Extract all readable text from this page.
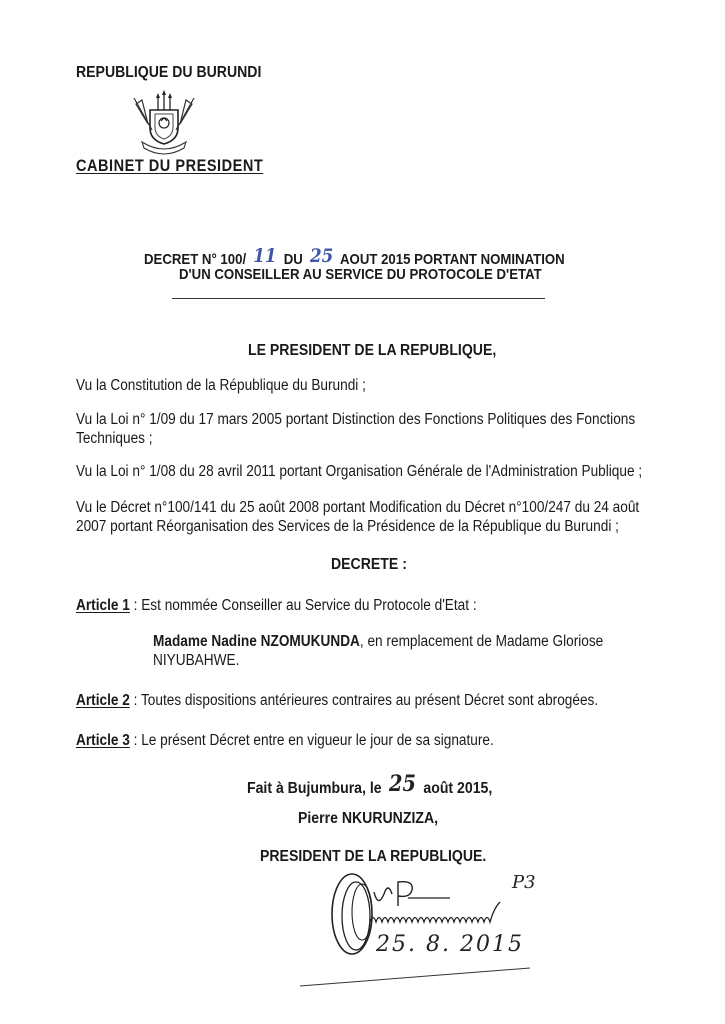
REPUBLIQUE DU BURUNDI
CABINET DU PRESIDENT
DECRET N° 100/ 11 DU 25 AOUT 2015 PORTANT NOMINATION
D'UN CONSEILLER AU SERVICE DU PROTOCOLE D'ETAT
LE PRESIDENT DE LA REPUBLIQUE,
Vu la Constitution de la République du Burundi ;
Vu la Loi n° 1/09 du 17 mars 2005 portant Distinction des Fonctions Politiques des Fonctions
Techniques ;
Vu la Loi n° 1/08 du 28 avril 2011 portant Organisation Générale de l'Administration Publique ;
Vu le Décret n°100/141 du 25 août 2008 portant Modification du Décret n°100/247 du 24 août
2007 portant Réorganisation des Services de la Présidence de la République du Burundi ;
DECRETE :
Article 1 : Est nommée Conseiller au Service du Protocole d'Etat :
Madame Nadine NZOMUKUNDA, en remplacement de Madame Gloriose
NIYUBAHWE.
Article 2 : Toutes dispositions antérieures contraires au présent Décret sont abrogées.
Article 3 : Le présent Décret entre en vigueur le jour de sa signature.
Fait à Bujumbura, le 25 août 2015,
Pierre NKURUNZIZA,
PRESIDENT DE LA REPUBLIQUE.
P3
25. 8. 2015
